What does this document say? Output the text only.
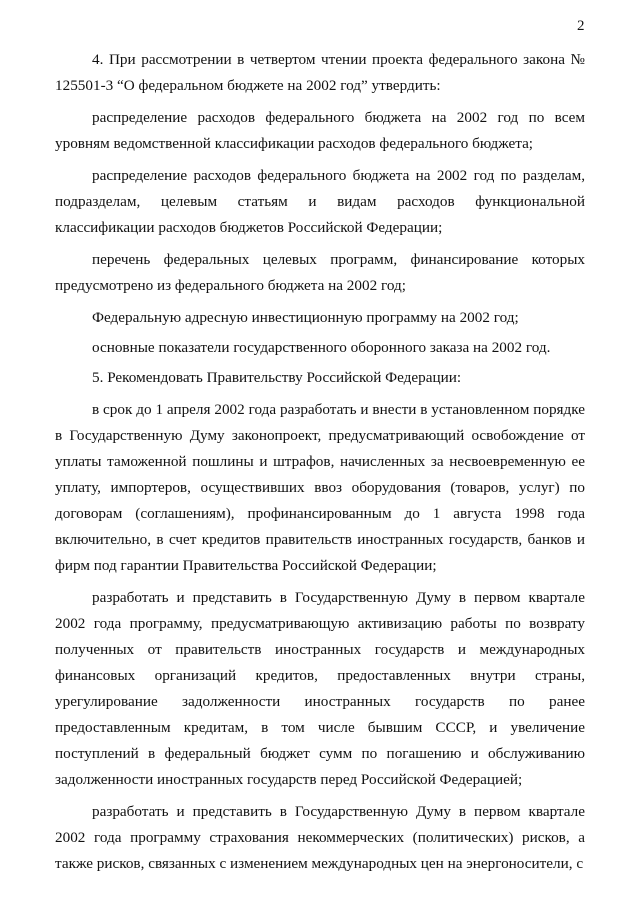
2

4. При рассмотрении в четвертом чтении проекта федерального закона № 125501-3 “О федеральном бюджете на 2002 год” утвердить:

распределение расходов федерального бюджета на 2002 год по всем уровням ведомственной классификации расходов федерального бюджета;

распределение расходов федерального бюджета на 2002 год по разделам, подразделам, целевым статьям и видам расходов функциональной классификации расходов бюджетов Российской Федерации;

перечень федеральных целевых программ, финансирование которых предусмотрено из федерального бюджета на 2002 год;

Федеральную адресную инвестиционную программу на 2002 год;

основные показатели государственного оборонного заказа на 2002 год.

5. Рекомендовать Правительству Российской Федерации:

в срок до 1 апреля 2002 года разработать и внести в установленном порядке в Государственную Думу законопроект, предусматривающий освобождение от уплаты таможенной пошлины и штрафов, начисленных за несвоевременную ее уплату, импортеров, осуществивших ввоз оборудования (товаров, услуг) по договорам (соглашениям), профинансированным до 1 августа 1998 года включительно, в счет кредитов правительств иностранных государств, банков и фирм под гарантии Правительства Российской Федерации;

разработать и представить в Государственную Думу в первом квартале 2002 года программу, предусматривающую активизацию работы по возврату полученных от правительств иностранных государств и международных финансовых организаций кредитов, предоставленных внутри страны, урегулирование задолженности иностранных государств по ранее предоставленным кредитам, в том числе бывшим СССР, и увеличение поступлений в федеральный бюджет сумм по погашению и обслуживанию задолженности иностранных государств перед Российской Федерацией;

разработать и представить в Государственную Думу в первом квартале 2002 года программу страхования некоммерческих (политических) рисков, а также рисков, связанных с изменением международных цен на энергоносители, с
